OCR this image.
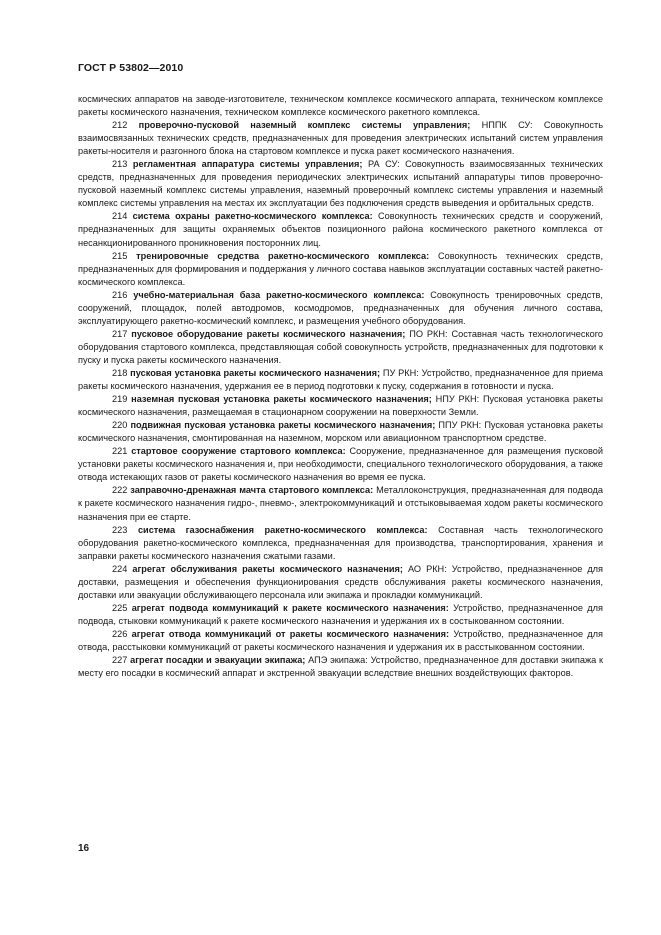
ГОСТ Р 53802—2010

космических аппаратов на заводе-изготовителе, техническом комплексе космического аппарата, техническом комплексе ракеты космического назначения, техническом комплексе космического ракетного комплекса.

212 проверочно-пусковой наземный комплекс системы управления; НППК СУ: Совокупность взаимосвязанных технических средств, предназначенных для проведения электрических испытаний систем управления ракеты-носителя и разгонного блока на стартовом комплексе и пуска ракет космического назначения.

213 регламентная аппаратура системы управления; РА СУ: Совокупность взаимосвязанных технических средств, предназначенных для проведения периодических электрических испытаний аппаратуры типов проверочно-пусковой наземный комплекс системы управления, наземный проверочный комплекс системы управления и наземный комплекс системы управления на местах их эксплуатации без подключения средств выведения и орбитальных средств.

214 система охраны ракетно-космического комплекса: Совокупность технических средств и сооружений, предназначенных для защиты охраняемых объектов позиционного района космического ракетного комплекса от несанкционированного проникновения посторонних лиц.

215 тренировочные средства ракетно-космического комплекса: Совокупность технических средств, предназначенных для формирования и поддержания у личного состава навыков эксплуатации составных частей ракетно-космического комплекса.

216 учебно-материальная база ракетно-космического комплекса: Совокупность тренировочных средств, сооружений, площадок, полей автодромов, космодромов, предназначенных для обучения личного состава, эксплуатирующего ракетно-космический комплекс, и размещения учебного оборудования.

217 пусковое оборудование ракеты космического назначения; ПО РКН: Составная часть технологического оборудования стартового комплекса, представляющая собой совокупность устройств, предназначенных для подготовки к пуску и пуска ракеты космического назначения.

218 пусковая установка ракеты космического назначения; ПУ РКН: Устройство, предназначенное для приема ракеты космического назначения, удержания ее в период подготовки к пуску, содержания в готовности и пуска.

219 наземная пусковая установка ракеты космического назначения; НПУ РКН: Пусковая установка ракеты космического назначения, размещаемая в стационарном сооружении на поверхности Земли.

220 подвижная пусковая установка ракеты космического назначения; ППУ РКН: Пусковая установка ракеты космического назначения, смонтированная на наземном, морском или авиационном транспортном средстве.

221 стартовое сооружение стартового комплекса: Сооружение, предназначенное для размещения пусковой установки ракеты космического назначения и, при необходимости, специального технологического оборудования, а также отвода истекающих газов от ракеты космического назначения во время ее пуска.

222 заправочно-дренажная мачта стартового комплекса: Металлоконструкция, предназначенная для подвода к ракете космического назначения гидро-, пневмо-, электрокоммуникаций и отстыковываемая ходом ракеты космического назначения при ее старте.

223 система газоснабжения ракетно-космического комплекса: Составная часть технологического оборудования ракетно-космического комплекса, предназначенная для производства, транспортирования, хранения и заправки ракеты космического назначения сжатыми газами.

224 агрегат обслуживания ракеты космического назначения; АО РКН: Устройство, предназначенное для доставки, размещения и обеспечения функционирования средств обслуживания ракеты космического назначения, доставки или эвакуации обслуживающего персонала или экипажа и прокладки коммуникаций.

225 агрегат подвода коммуникаций к ракете космического назначения: Устройство, предназначенное для подвода, стыковки коммуникаций к ракете космического назначения и удержания их в состыкованном состоянии.

226 агрегат отвода коммуникаций от ракеты космического назначения: Устройство, предназначенное для отвода, расстыковки коммуникаций от ракеты космического назначения и удержания их в расстыкованном состоянии.

227 агрегат посадки и эвакуации экипажа; АПЭ экипажа: Устройство, предназначенное для доставки экипажа к месту его посадки в космический аппарат и экстренной эвакуации вследствие внешних воздействующих факторов.

16
